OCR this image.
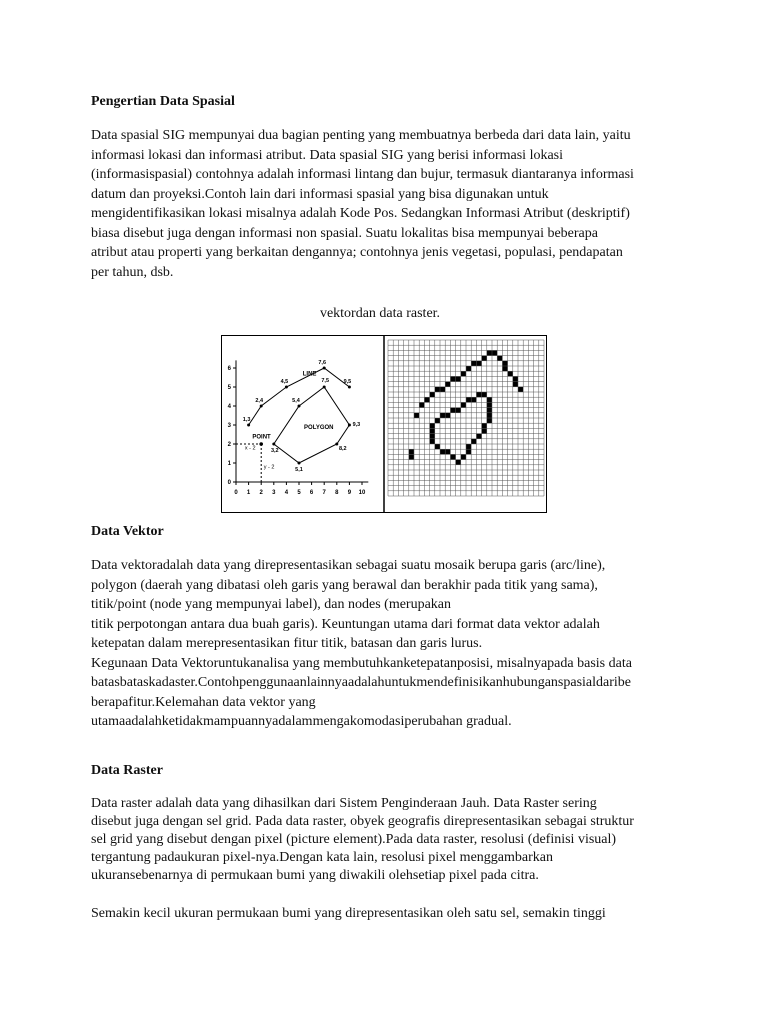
Pengertian Data Spasial

Data spasial SIG mempunyai dua bagian penting yang membuatnya berbeda dari data lain, yaitu
informasi lokasi dan informasi atribut. Data spasial SIG yang berisi informasi lokasi
(informasispasial) contohnya adalah informasi lintang dan bujur, termasuk diantaranya informasi
datum dan proyeksi.Contoh lain dari informasi spasial yang bisa digunakan untuk
mengidentifikasikan lokasi misalnya adalah Kode Pos. Sedangkan Informasi Atribut (deskriptif)
biasa disebut juga dengan informasi non spasial. Suatu lokalitas bisa mempunyai beberapa
atribut atau properti yang berkaitan dengannya; contohnya jenis vegetasi, populasi, pendapatan
per tahun, dsb.

vektordan data raster.

LINE
POLYGON
POINT
x - 2
y - 2
0 1 2 3 4 5 6 7 8 9 10
0
1
2
3
4
5
6
1,3
2,4
4,5
7,6
9,5
5,4
7,5
9,3
8,2
5,1
3,2
Data Vektor

Data vektoradalah data yang direpresentasikan sebagai suatu mosaik berupa garis (arc/line),
polygon (daerah yang dibatasi oleh garis yang berawal dan berakhir pada titik yang sama),
titik/point (node yang mempunyai label), dan nodes (merupakan
titik perpotongan antara dua buah garis). Keuntungan utama dari format data vektor adalah
ketepatan dalam merepresentasikan fitur titik, batasan dan garis lurus.
Kegunaan Data Vektoruntukanalisa yang membutuhkanketepatanposisi, misalnyapada basis data
batasbataskadaster.Contohpenggunaanlainnyaadalahuntukmendefinisikanhubunganspasialdaribe
berapafitur.Kelemahan data vektor yang
utamaadalahketidakmampuannyadalammengakomodasiperubahan gradual.

Data Raster

Data raster adalah data yang dihasilkan dari Sistem Penginderaan Jauh. Data Raster sering
disebut juga dengan sel grid. Pada data raster, obyek geografis direpresentasikan sebagai struktur
sel grid yang disebut dengan pixel (picture element).Pada data raster, resolusi (definisi visual)
tergantung padaukuran pixel-nya.Dengan kata lain, resolusi pixel menggambarkan
ukuransebenarnya di permukaan bumi yang diwakili olehsetiap pixel pada citra.

Semakin kecil ukuran permukaan bumi yang direpresentasikan oleh satu sel, semakin tinggi
